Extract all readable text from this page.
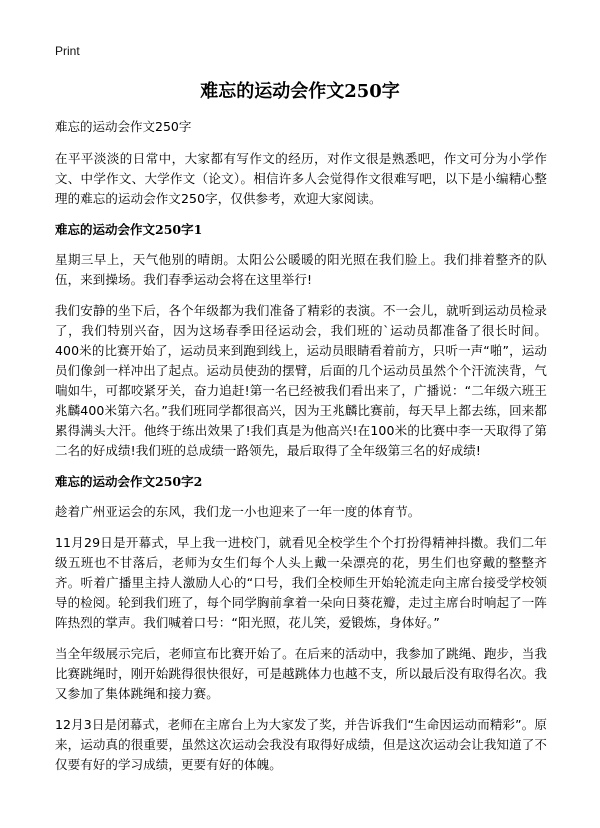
Print
难忘的运动会作文250字

难忘的运动会作文250字

在平平淡淡的日常中，大家都有写作文的经历，对作文很是熟悉吧，作文可分为小学作文、中学作文、大学作文（论文）。相信许多人会觉得作文很难写吧，以下是小编精心整理的难忘的运动会作文250字，仅供参考，欢迎大家阅读。

难忘的运动会作文250字1

星期三早上，天气他别的晴朗。太阳公公暖暖的阳光照在我们脸上。我们排着整齐的队伍，来到操场。我们春季运动会将在这里举行!

我们安静的坐下后，各个年级都为我们准备了精彩的表演。不一会儿，就听到运动员检录了，我们特别兴奋，因为这场春季田径运动会，我们班的`运动员都准备了很长时间。400米的比赛开始了，运动员来到跑到线上，运动员眼睛看着前方，只听一声“啪”，运动员们像剑一样冲出了起点。运动员使劲的摆臂，后面的几个运动员虽然个个汗流浃背，气喘如牛，可都咬紧牙关，奋力追赶!第一名已经被我们看出来了，广播说：“二年级六班王兆麟400米第六名。”我们班同学都很高兴，因为王兆麟比赛前，每天早上都去练，回来都累得满头大汗。他终于练出效果了!我们真是为他高兴!在100米的比赛中李一天取得了第二名的好成绩!我们班的总成绩一路领先，最后取得了全年级第三名的好成绩!

难忘的运动会作文250字2

趁着广州亚运会的东风，我们龙一小也迎来了一年一度的体育节。

11月29日是开幕式，早上我一进校门，就看见全校学生个个打扮得精神抖擞。我们二年级五班也不甘落后，老师为女生们每个人头上戴一朵漂亮的花，男生们也穿戴的整整齐齐。听着广播里主持人激励人心的“口号，我们全校师生开始轮流走向主席台接受学校领导的检阅。轮到我们班了，每个同学胸前拿着一朵向日葵花瓣，走过主席台时响起了一阵阵热烈的掌声。我们喊着口号：“阳光照，花儿笑，爱锻炼，身体好。”

当全年级展示完后，老师宣布比赛开始了。在后来的活动中，我参加了跳绳、跑步，当我比赛跳绳时，刚开始跳得很快很好，可是越跳体力也越不支，所以最后没有取得名次。我又参加了集体跳绳和接力赛。

12月3日是闭幕式，老师在主席台上为大家发了奖，并告诉我们“生命因运动而精彩”。原来，运动真的很重要，虽然这次运动会我没有取得好成绩，但是这次运动会让我知道了不仅要有好的学习成绩，更要有好的体魄。
